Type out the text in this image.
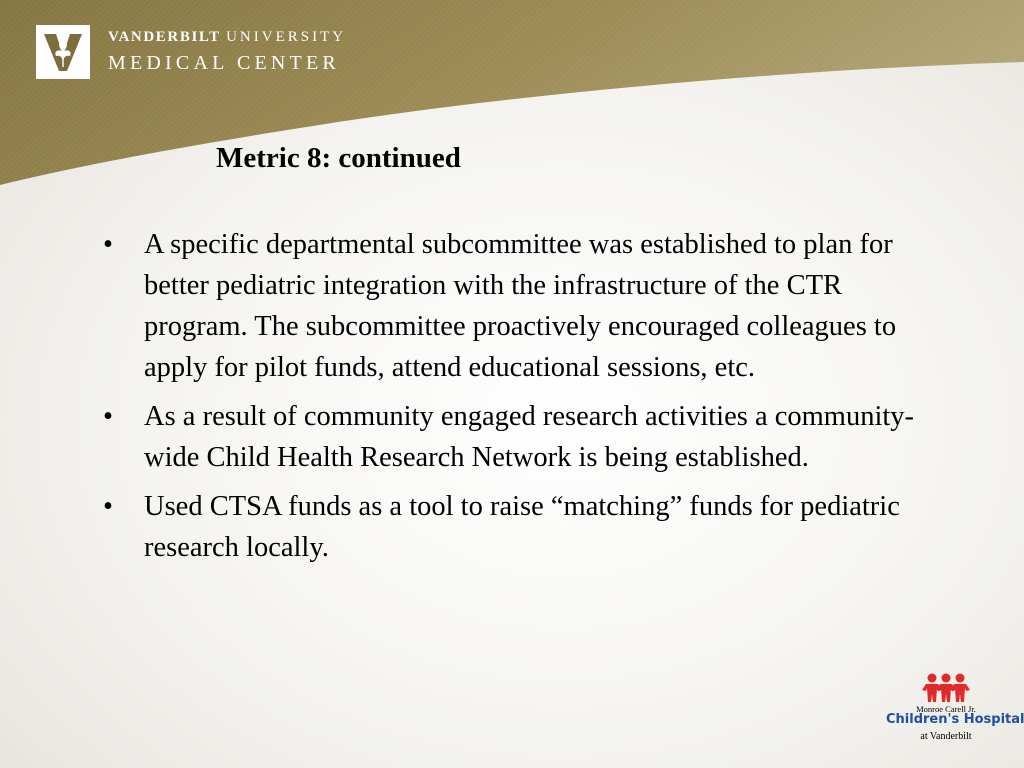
VANDERBILT UNIVERSITY
MEDICAL CENTER
Metric 8: continued
• A specific departmental subcommittee was established to plan for better pediatric integration with the infrastructure of the CTR program. The subcommittee proactively encouraged colleagues to apply for pilot funds, attend educational sessions, etc.
• As a result of community engaged research activities a community-wide Child Health Research Network is being established.
• Used CTSA funds as a tool to raise “matching” funds for pediatric research locally.
Monroe Carell Jr.
Children's Hospital
at Vanderbilt
